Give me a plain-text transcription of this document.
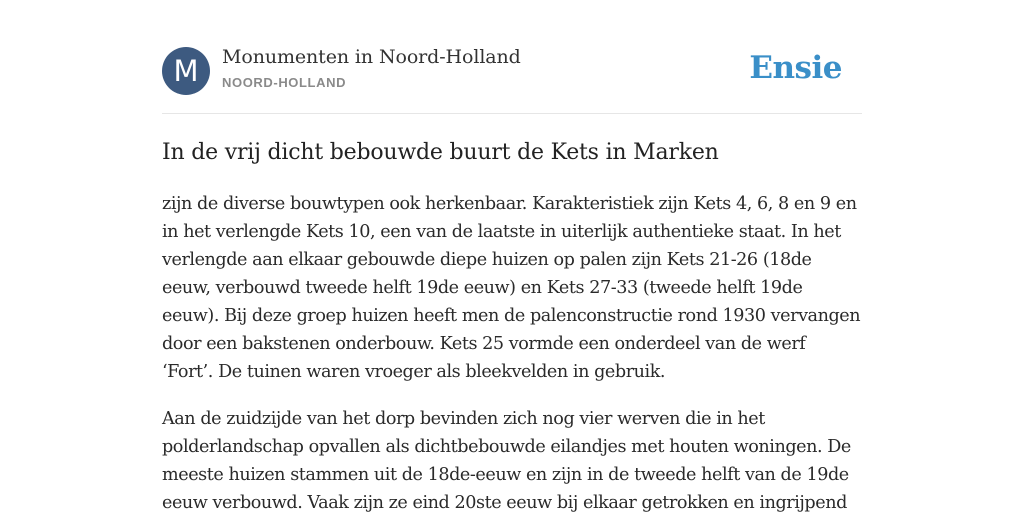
M	Monumenten in Noord-Holland
NOORD-HOLLAND	Ensie
In de vrij dicht bebouwde buurt de Kets in Marken

zijn de diverse bouwtypen ook herkenbaar. Karakteristiek zijn Kets 4, 6, 8 en 9 en
in het verlengde Kets 10, een van de laatste in uiterlijk authentieke staat. In het
verlengde aan elkaar gebouwde diepe huizen op palen zijn Kets 21-26 (18de
eeuw, verbouwd tweede helft 19de eeuw) en Kets 27-33 (tweede helft 19de
eeuw). Bij deze groep huizen heeft men de palenconstructie rond 1930 vervangen
door een bakstenen onderbouw. Kets 25 vormde een onderdeel van de werf
‘Fort’. De tuinen waren vroeger als bleekvelden in gebruik.

Aan de zuidzijde van het dorp bevinden zich nog vier werven die in het
polderlandschap opvallen als dichtbebouwde eilandjes met houten woningen. De
meeste huizen stammen uit de 18de-eeuw en zijn in de tweede helft van de 19de
eeuw verbouwd. Vaak zijn ze eind 20ste eeuw bij elkaar getrokken en ingrijpend
